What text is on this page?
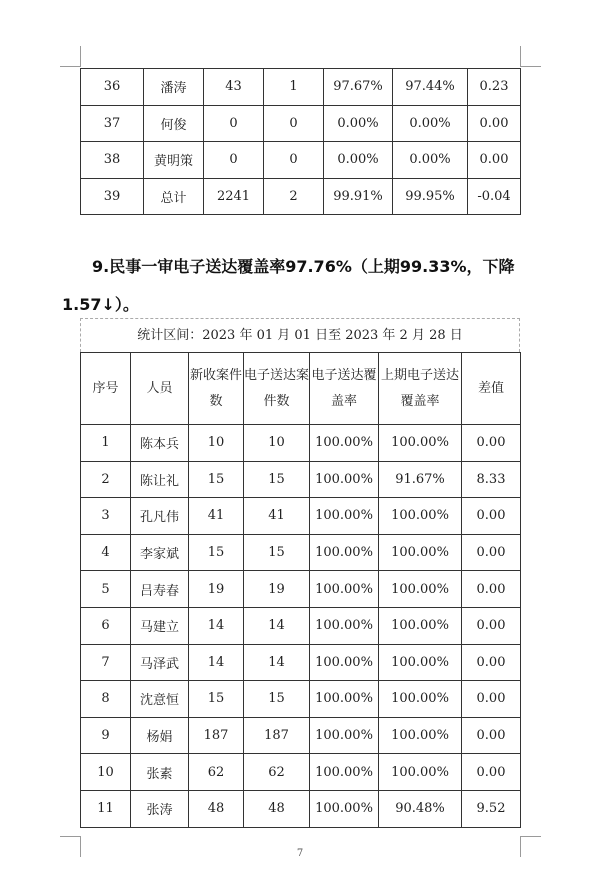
36	潘涛	43	1	97.67%	97.44%	0.23
37	何俊	0	0	0.00%	0.00%	0.00
38	黄明策	0	0	0.00%	0.00%	0.00
39	总计	2241	2	99.91%	99.95%	-0.04

9.民事一审电子送达覆盖率97.76%（上期99.33%，下降1.57↓）。

统计区间：2023 年 01 月 01 日至 2023 年 2 月 28 日
序号	人员	新收案件数	电子送达案件数	电子送达覆盖率	上期电子送达覆盖率	差值
1	陈本兵	10	10	100.00%	100.00%	0.00
2	陈让礼	15	15	100.00%	91.67%	8.33
3	孔凡伟	41	41	100.00%	100.00%	0.00
4	李家斌	15	15	100.00%	100.00%	0.00
5	吕寿春	19	19	100.00%	100.00%	0.00
6	马建立	14	14	100.00%	100.00%	0.00
7	马泽武	14	14	100.00%	100.00%	0.00
8	沈意恒	15	15	100.00%	100.00%	0.00
9	杨娟	187	187	100.00%	100.00%	0.00
10	张素	62	62	100.00%	100.00%	0.00
11	张涛	48	48	100.00%	90.48%	9.52
7
